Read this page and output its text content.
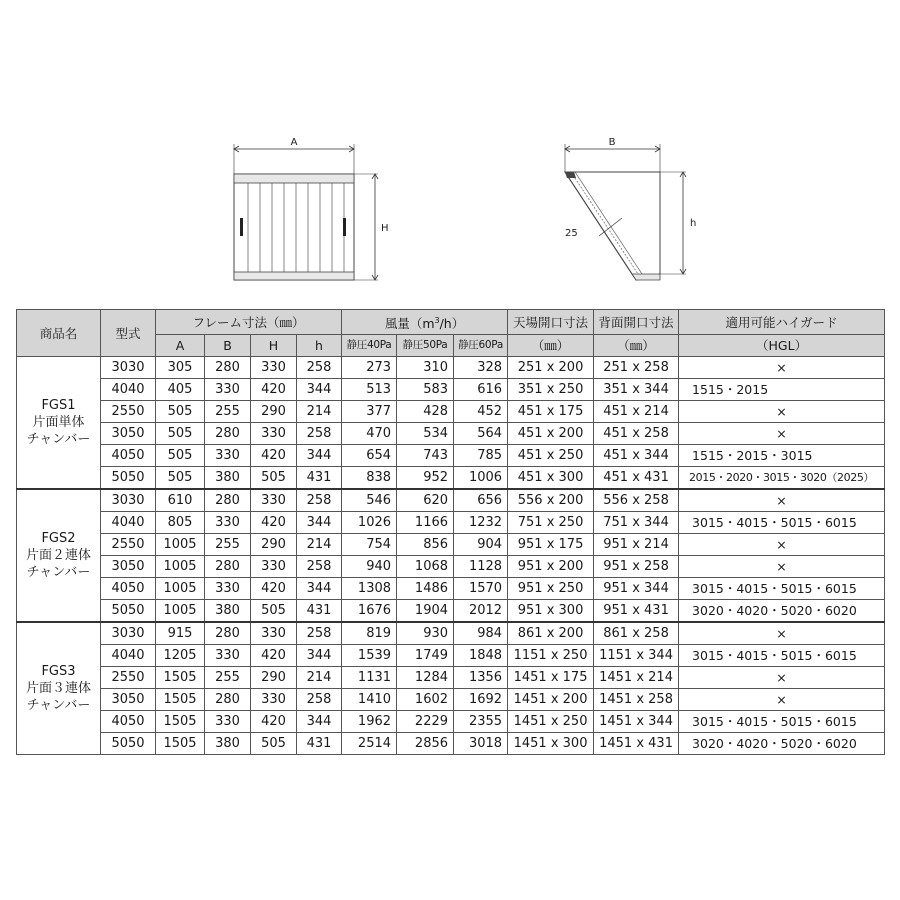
A
H
B
25
h
商品名	型式	フレーム寸法（㎜）				風量$(m^3/h)$			天場開口寸法	背面開口寸法	適用可能ハイガード
		A	B	H	h	静圧40Pa	静圧50Pa	静圧60Pa	（㎜）	（㎜）	（HGL）

FGS1
片面単体
チャンバー	3030	305	280	330	258	273	310	328	251 x 200	251 x 258	×
	4040	405	330	420	344	513	583	616	351 x 250	351 x 344	1515・2015
	2550	505	255	290	214	377	428	452	451 x 175	451 x 214	×
	3050	505	280	330	258	470	534	564	451 x 200	451 x 258	×
	4050	505	330	420	344	654	743	785	451 x 250	451 x 344	1515・2015・3015
	5050	505	380	505	431	838	952	1006	451 x 300	451 x 431	2015・2020・3015・3020（2025）

FGS2
片面２連体
チャンバー	3030	610	280	330	258	546	620	656	556 x 200	556 x 258	×
	4040	805	330	420	344	1026	1166	1232	751 x 250	751 x 344	3015・4015・5015・6015
	2550	1005	255	290	214	754	856	904	951 x 175	951 x 214	×
	3050	1005	280	330	258	940	1068	1128	951 x 200	951 x 258	×
	4050	1005	330	420	344	1308	1486	1570	951 x 250	951 x 344	3015・4015・5015・6015
	5050	1005	380	505	431	1676	1904	2012	951 x 300	951 x 431	3020・4020・5020・6020

FGS3
片面３連体
チャンバー	3030	915	280	330	258	819	930	984	861 x 200	861 x 258	×
	4040	1205	330	420	344	1539	1749	1848	1151 x 250	1151 x 344	3015・4015・5015・6015
	2550	1505	255	290	214	1131	1284	1356	1451 x 175	1451 x 214	×
	3050	1505	280	330	258	1410	1602	1692	1451 x 200	1451 x 258	×
	4050	1505	330	420	344	1962	2229	2355	1451 x 250	1451 x 344	3015・4015・5015・6015
	5050	1505	380	505	431	2514	2856	3018	1451 x 300	1451 x 431	3020・4020・5020・6020
